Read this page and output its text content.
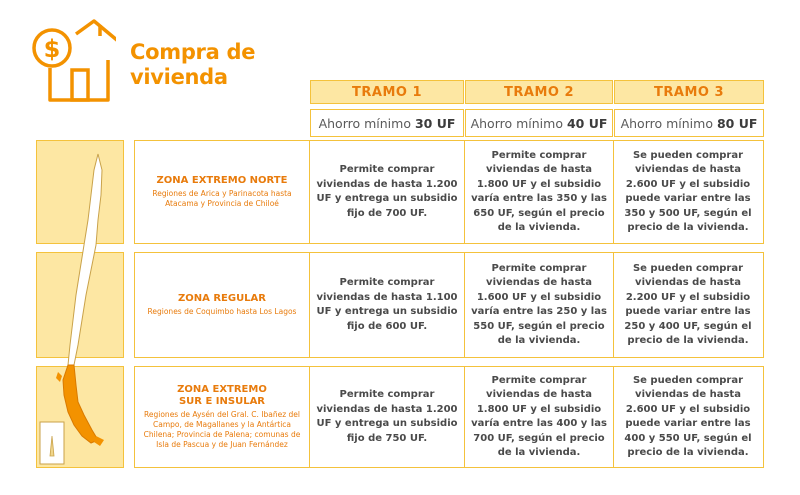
$	Compra de
vivienda
TRAMO 1	TRAMO 2	TRAMO 3
Ahorro mínimo 30 UF Ahorro mínimo 40 UF Ahorro mínimo 80 UF
ZONA EXTREMO NORTE
Regiones de Arica y Parinacota hasta Atacama y Provincia de Chiloé
Permite comprar viviendas de hasta 1.200 UF y entrega un subsidio fijo de 700 UF.
Permite comprar viviendas de hasta 1.800 UF y el subsidio varía entre las 350 y las 650 UF, según el precio de la vivienda.
Se pueden comprar viviendas de hasta 2.600 UF y el subsidio puede variar entre las 350 y 500 UF, según el precio de la vivienda.
ZONA REGULAR
Regiones de Coquimbo hasta Los Lagos
Permite comprar viviendas de hasta 1.100 UF y entrega un subsidio fijo de 600 UF.
Permite comprar viviendas de hasta 1.600 UF y el subsidio varía entre las 250 y las 550 UF, según el precio de la vivienda.
Se pueden comprar viviendas de hasta 2.200 UF y el subsidio puede variar entre las 250 y 400 UF, según el precio de la vivienda.
ZONA EXTREMO SUR E INSULAR
Regiones de Aysén del Gral. C. Ibañez del Campo, de Magallanes y la Antártica Chilena; Provincia de Palena; comunas de Isla de Pascua y de Juan Fernández
Permite comprar viviendas de hasta 1.200 UF y entrega un subsidio fijo de 750 UF.
Permite comprar viviendas de hasta 1.800 UF y el subsidio varía entre las 400 y las 700 UF, según el precio de la vivienda.
Se pueden comprar viviendas de hasta 2.600 UF y el subsidio puede variar entre las 400 y 550 UF, según el precio de la vivienda.
